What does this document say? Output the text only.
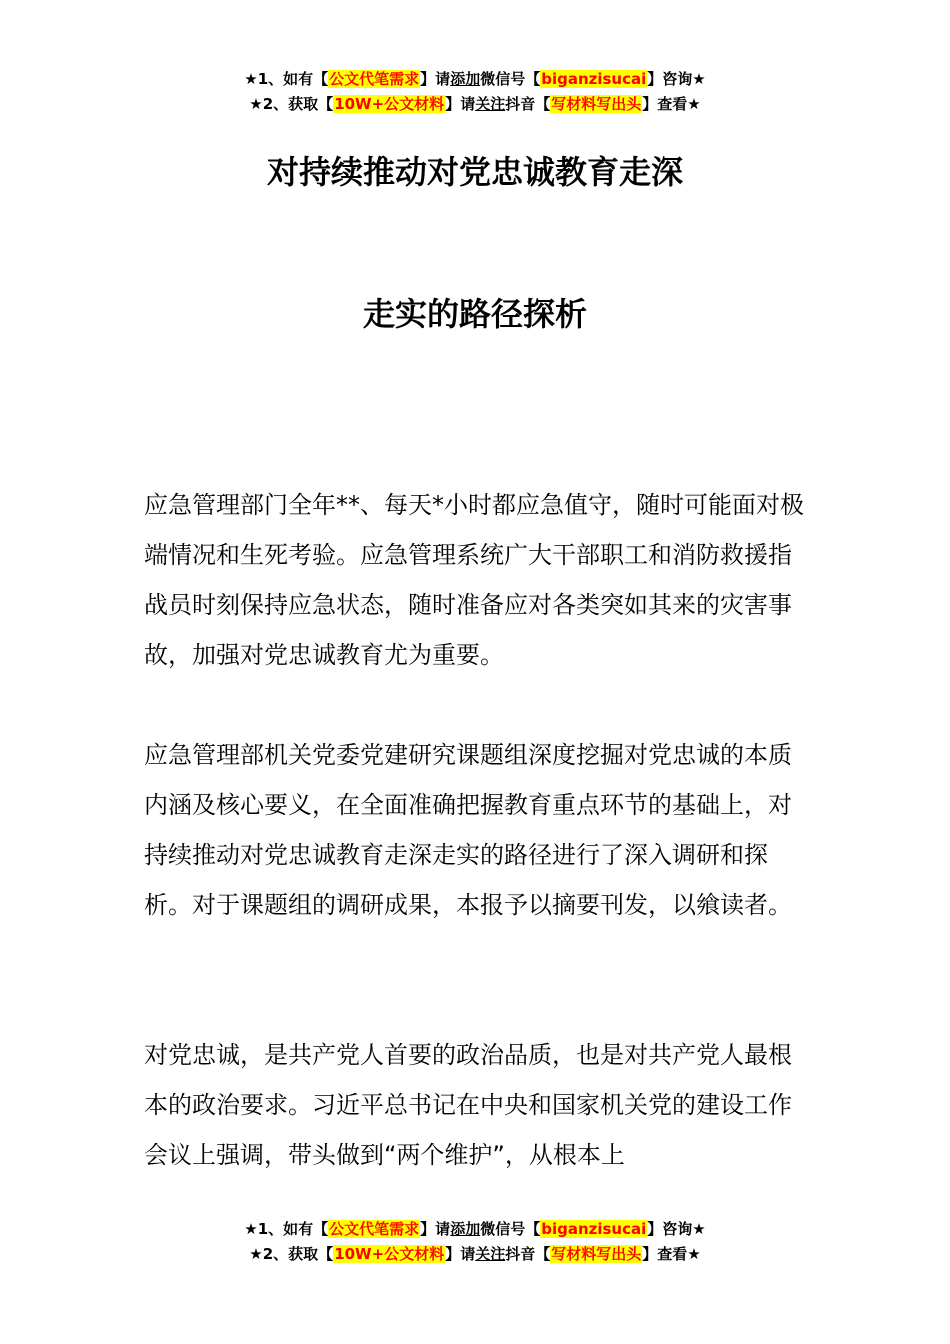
★1、如有【公文代笔需求】请添加微信号【biganzisucai】咨询★
★2、获取【10W+公文材料】请关注抖音【写材料写出头】查看★
对持续推动对党忠诚教育走深
走实的路径探析

应急管理部门全年**、每天*小时都应急值守，随时可能面对极端情况和生死考验。应急管理系统广大干部职工和消防救援指战员时刻保持应急状态，随时准备应对各类突如其来的灾害事故，加强对党忠诚教育尤为重要。

应急管理部机关党委党建研究课题组深度挖掘对党忠诚的本质内涵及核心要义，在全面准确把握教育重点环节的基础上，对持续推动对党忠诚教育走深走实的路径进行了深入调研和探析。对于课题组的调研成果，本报予以摘要刊发，以飨读者。

对党忠诚，是共产党人首要的政治品质，也是对共产党人最根本的政治要求。习近平总书记在中央和国家机关党的建设工作会议上强调，带头做到“两个维护”，从根本上

★1、如有【公文代笔需求】请添加微信号【biganzisucai】咨询★
★2、获取【10W+公文材料】请关注抖音【写材料写出头】查看★
